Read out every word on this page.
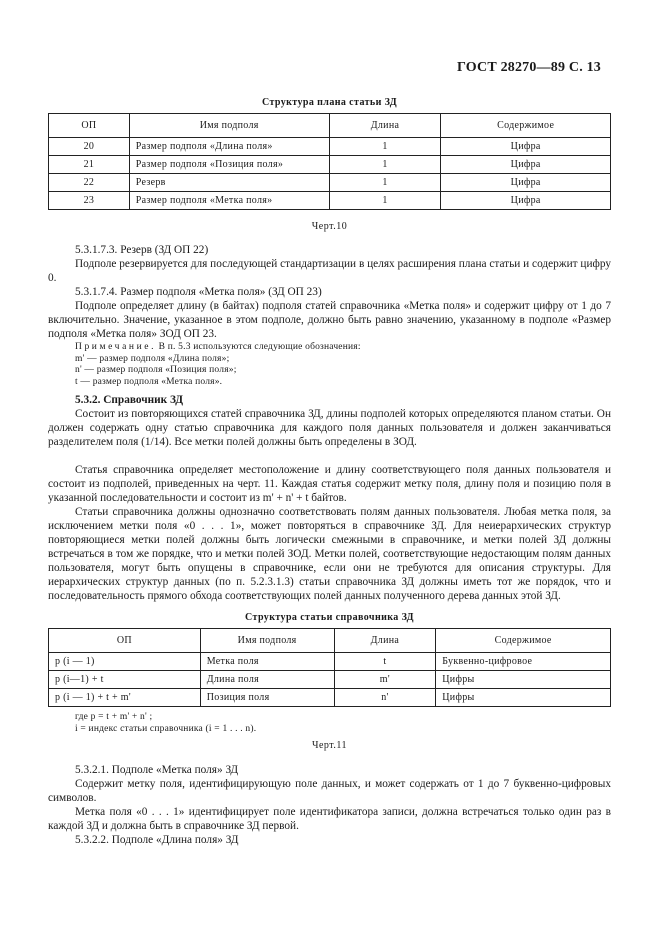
ГОСТ 28270—89 С. 13
Структура плана статьи ЗД
ОП	Имя подполя	Длина	Содержимое
20	Размер подполя «Длина поля»	1	Цифра
21	Размер подполя «Позиция поля»	1	Цифра
22	Резерв	1	Цифра
23	Размер подполя «Метка поля»	1	Цифра
Черт.10
5.3.1.7.3. Резерв (ЗД ОП 22)
Подполе резервируется для последующей стандартизации в целях расширения плана статьи и содержит цифру 0.
5.3.1.7.4. Размер подполя «Метка поля» (ЗД ОП 23)
Подполе определяет длину (в байтах) подполя статей справочника «Метка поля» и содержит цифру от 1 до 7 включительно. Значение, указанное в этом подполе, должно быть равно значению, указанному в подполе «Размер подполя «Метка поля» ЗОД ОП 23.
Примечание. В п. 5.3 используются следующие обозначения:
m' — размер подполя «Длина поля»;
n' — размер подполя «Позиция поля»;
t — размер подполя «Метка поля».
5.3.2. Справочник ЗД
Состоит из повторяющихся статей справочника ЗД, длины подполей которых определяются планом статьи. Он должен содержать одну статью справочника для каждого поля данных пользователя и должен заканчиваться разделителем поля (1/14). Все метки полей должны быть определены в ЗОД.
Статья справочника определяет местоположение и длину соответствующего поля данных пользователя и состоит из подполей, приведенных на черт. 11. Каждая статья содержит метку поля, длину поля и позицию поля в указанной последовательности и состоит из m' + n' + t байтов.
Статьи справочника должны однозначно соответствовать полям данных пользователя. Любая метка поля, за исключением метки поля «0 . . . 1», может повторяться в справочнике ЗД. Для неиерархических структур повторяющиеся метки полей должны быть логически смежными в справочнике, и метки полей ЗД должны встречаться в том же порядке, что и метки полей ЗОД. Метки полей, соответствующие недостающим полям данных пользователя, могут быть опущены в справочнике, если они не требуются для описания структуры. Для иерархических структур данных (по п. 5.2.3.1.3) статьи справочника ЗД должны иметь тот же порядок, что и последовательность прямого обхода соответствующих полей данных полученного дерева данных этой ЗД.
Структура статьи справочника ЗД
ОП	Имя подполя	Длина	Содержимое
p (i — 1)	Метка поля	t	Буквенно-цифровое
p (i—1) + t	Длина поля	m'	Цифры
p (i — 1) + t + m'	Позиция поля	n'	Цифры
где p = t + m' + n' ;
i = индекс статьи справочника (i = 1 . . . n).
Черт.11
5.3.2.1. Подполе «Метка поля» ЗД
Содержит метку поля, идентифицирующую поле данных, и может содержать от 1 до 7 буквенно-цифровых символов.
Метка поля «0 . . . 1» идентифицирует поле идентификатора записи, должна встречаться только один раз в каждой ЗД и должна быть в справочнике ЗД первой.
5.3.2.2. Подполе «Длина поля» ЗД
